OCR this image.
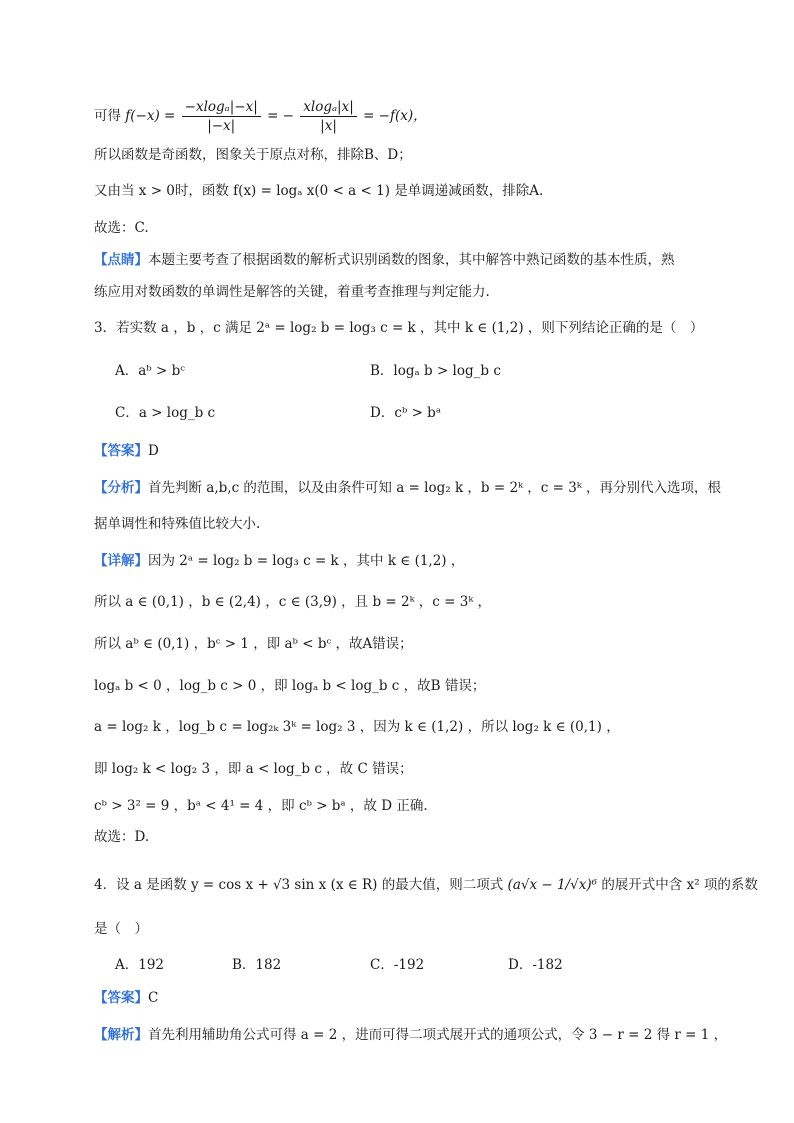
可得 $f(-x) = \frac{\text{−xlogₐ|−x|}}{|-x|}$ = − $\frac{\text{xlogₐ|x|}}{|x|} = -f(x)$，
所以函数是奇函数，图象关于原点对称，排除B、D；
又由当 x > 0时，函数 f(x) = logₐ x(0 < a < 1) 是单调递减函数，排除A.
故选：C.
【点睛】本题主要考查了根据函数的解析式识别函数的图象，其中解答中熟记函数的基本性质，熟
练应用对数函数的单调性是解答的关键，着重考查推理与判定能力.
3．若实数 a ，b ，c 满足 2ᵃ = log₂ b = log₃ c = k ，其中 k ∈ (1,2) ，则下列结论正确的是（　）
A．aᵇ > bᶜ	B．logₐ b > log_b c
C．a > log_b c	D．cᵇ > bᵃ
【答案】D
【分析】首先判断 a,b,c 的范围，以及由条件可知 a = log₂ k ，b = 2ᵏ ，c = 3ᵏ ，再分别代入选项，根
据单调性和特殊值比较大小.
【详解】因为 2ᵃ = log₂ b = log₃ c = k ，其中 k ∈ (1,2) ，
所以 a ∈ (0,1) ，b ∈ (2,4) ，c ∈ (3,9) ，且 b = 2ᵏ ，c = 3ᵏ ，
所以 aᵇ ∈ (0,1) ，bᶜ > 1 ，即 aᵇ < bᶜ ，故A错误；
logₐ b < 0 ，log_b c > 0 ，即 logₐ b < log_b c ，故B 错误；
a = log₂ k ，log_b c = log₂ₖ 3ᵏ = log₂ 3 ，因为 k ∈ (1,2) ，所以 log₂ k ∈ (0,1) ，
即 log₂ k < log₂ 3 ，即 a < log_b c ，故 C 错误；
cᵇ > 3² = 9 ，bᵃ < 4¹ = 4 ，即 cᵇ > bᵃ ，故 D 正确.
故选：D.
4．设 a 是函数 y = cos x + √3 sin x (x ∈ R) 的最大值，则二项式 (a√x − 1/√x)⁶ 的展开式中含 x² 项的系数
是（　）
A．192	B．182	C．-192	D．-182
【答案】C
【解析】首先利用辅助角公式可得 a = 2 ，进而可得二项式展开式的通项公式，令 3 − r = 2 得 r = 1 ，
